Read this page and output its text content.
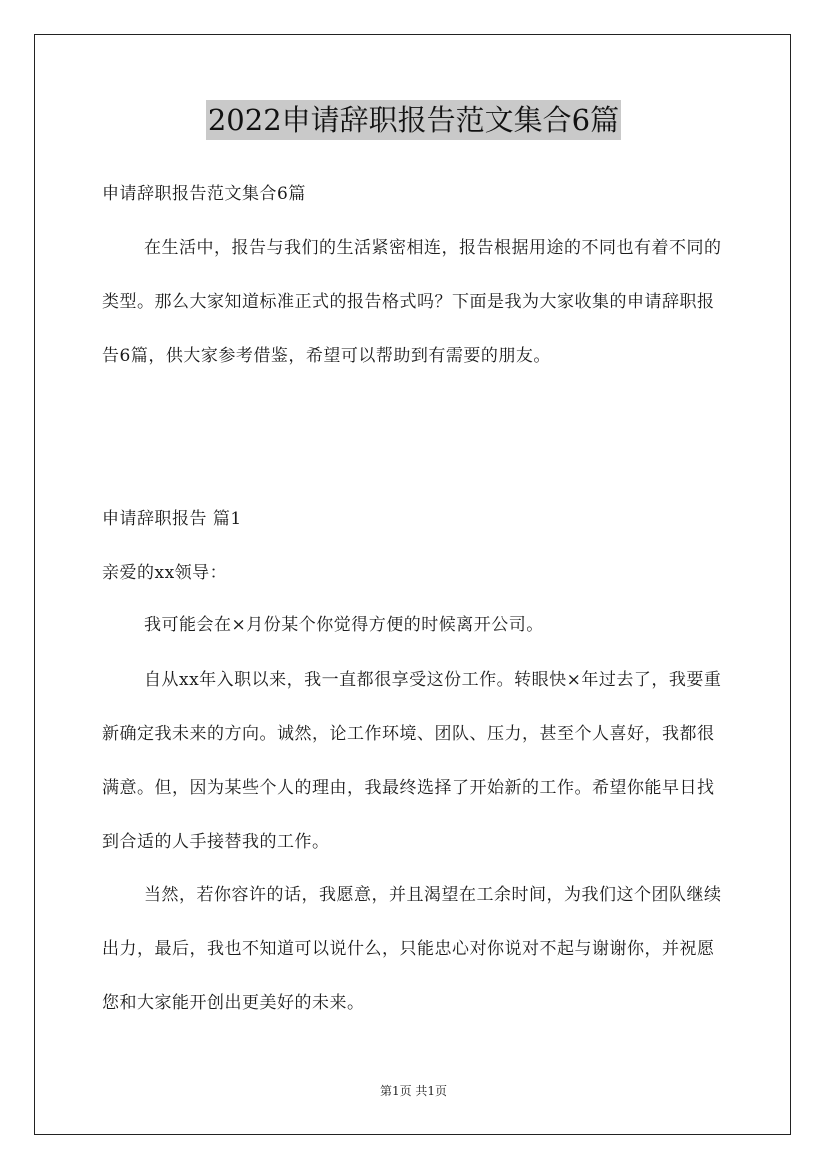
2022申请辞职报告范文集合6篇

申请辞职报告范文集合6篇

在生活中，报告与我们的生活紧密相连，报告根据用途的不同也有着不同的类型。那么大家知道标准正式的报告格式吗？下面是我为大家收集的申请辞职报告6篇，供大家参考借鉴，希望可以帮助到有需要的朋友。

申请辞职报告 篇1

亲爱的xx领导：

我可能会在×月份某个你觉得方便的时候离开公司。

自从xx年入职以来，我一直都很享受这份工作。转眼快×年过去了，我要重新确定我未来的方向。诚然，论工作环境、团队、压力，甚至个人喜好，我都很满意。但，因为某些个人的理由，我最终选择了开始新的工作。希望你能早日找到合适的人手接替我的工作。

当然，若你容许的话，我愿意，并且渴望在工余时间，为我们这个团队继续出力，最后，我也不知道可以说什么，只能忠心对你说对不起与谢谢你，并祝愿您和大家能开创出更美好的未来。

第1页 共1页
